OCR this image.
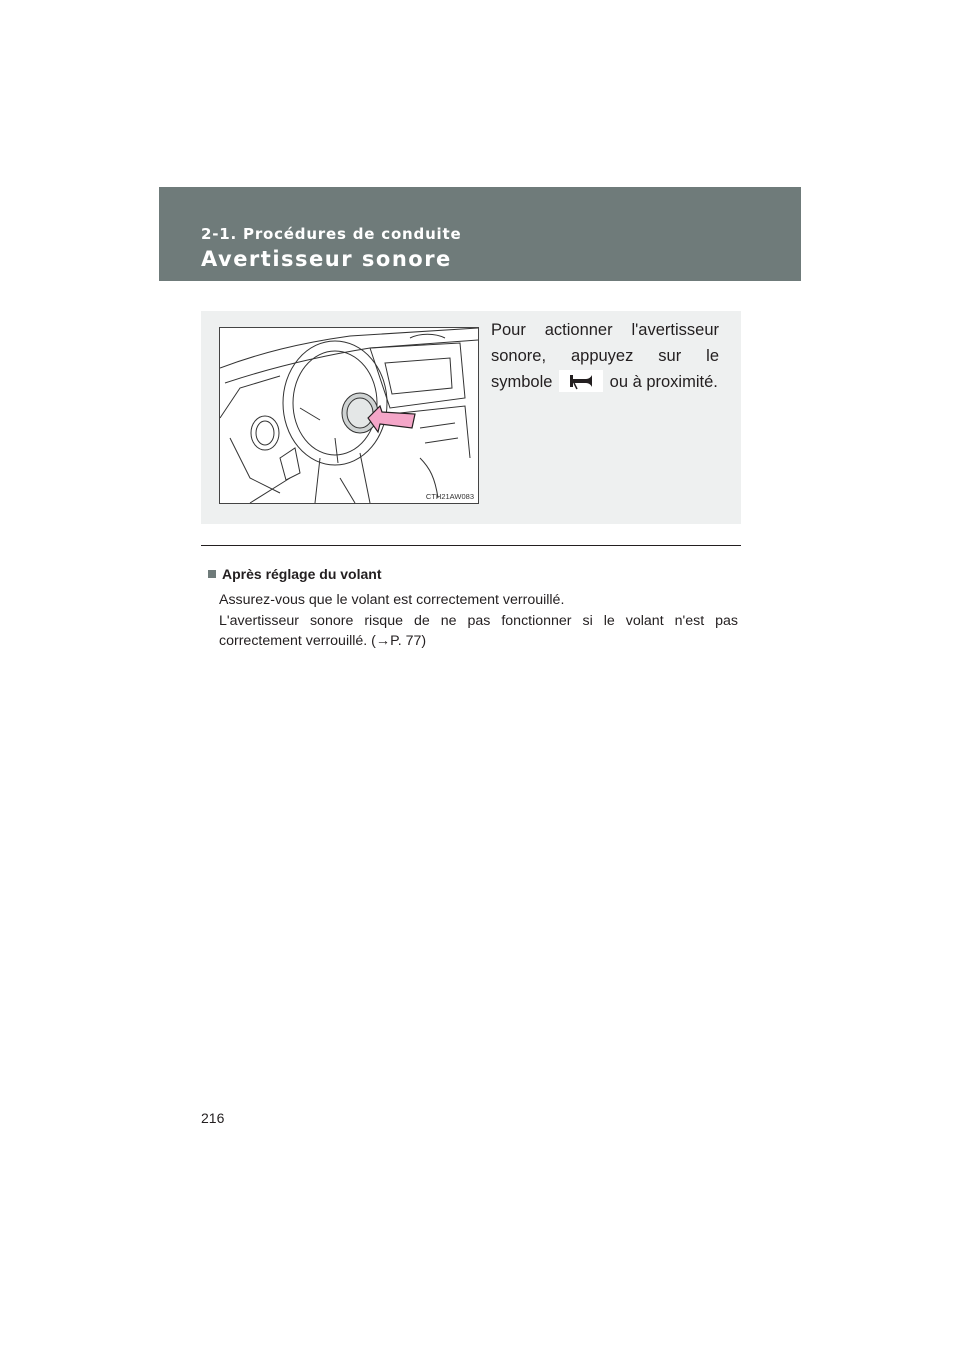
2-1. Procédures de conduite
Avertisseur sonore
CTH21AW083
Pour actionner l'avertisseur sonore, appuyez sur le symbole	ou à proximité.
Après réglage du volant
Assurez-vous que le volant est correctement verrouillé.
L'avertisseur sonore risque de ne pas fonctionner si le volant n'est pas correctement verrouillé. (→P. 77)
216
